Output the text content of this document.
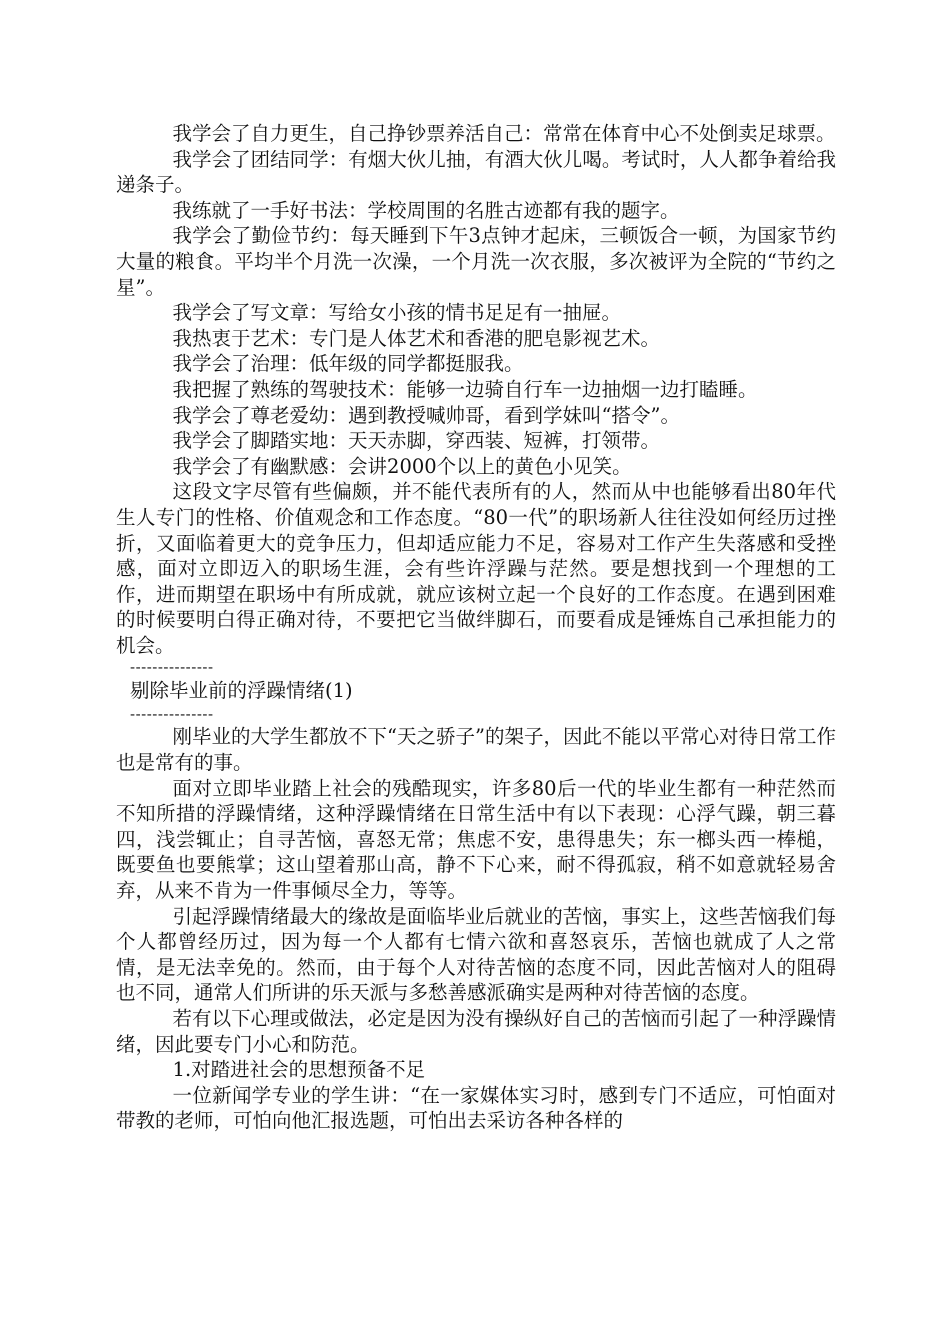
我学会了自力更生，自己挣钞票养活自己：常常在体育中心不处倒卖足球票。

我学会了团结同学：有烟大伙儿抽，有酒大伙儿喝。考试时，人人都争着给我递条子。

我练就了一手好书法：学校周围的名胜古迹都有我的题字。

我学会了勤俭节约：每天睡到下午3点钟才起床，三顿饭合一顿，为国家节约大量的粮食。平均半个月洗一次澡，一个月洗一次衣服，多次被评为全院的“节约之星”。

我学会了写文章：写给女小孩的情书足足有一抽屉。

我热衷于艺术：专门是人体艺术和香港的肥皂影视艺术。

我学会了治理：低年级的同学都挺服我。

我把握了熟练的驾驶技术：能够一边骑自行车一边抽烟一边打瞌睡。

我学会了尊老爱幼：遇到教授喊帅哥，看到学妹叫“搭令”。

我学会了脚踏实地：天天赤脚，穿西装、短裤，打领带。

我学会了有幽默感：会讲2000个以上的黄色小见笑。

这段文字尽管有些偏颇，并不能代表所有的人，然而从中也能够看出80年代生人专门的性格、价值观念和工作态度。“80一代”的职场新人往往没如何经历过挫折，又面临着更大的竞争压力，但却适应能力不足，容易对工作产生失落感和受挫感，面对立即迈入的职场生涯，会有些许浮躁与茫然。要是想找到一个理想的工作，进而期望在职场中有所成就，就应该树立起一个良好的工作态度。在遇到困难的时候要明白得正确对待，不要把它当做绊脚石，而要看成是锤炼自己承担能力的机会。

---------------

剔除毕业前的浮躁情绪(1)

---------------

刚毕业的大学生都放不下“天之骄子”的架子，因此不能以平常心对待日常工作也是常有的事。

面对立即毕业踏上社会的残酷现实，许多80后一代的毕业生都有一种茫然而不知所措的浮躁情绪，这种浮躁情绪在日常生活中有以下表现：心浮气躁，朝三暮四，浅尝辄止；自寻苦恼，喜怒无常；焦虑不安，患得患失；东一榔头西一棒槌，既要鱼也要熊掌；这山望着那山高，静不下心来，耐不得孤寂，稍不如意就轻易舍弃，从来不肯为一件事倾尽全力，等等。

引起浮躁情绪最大的缘故是面临毕业后就业的苦恼，事实上，这些苦恼我们每个人都曾经历过，因为每一个人都有七情六欲和喜怒哀乐，苦恼也就成了人之常情，是无法幸免的。然而，由于每个人对待苦恼的态度不同，因此苦恼对人的阻碍也不同，通常人们所讲的乐天派与多愁善感派确实是两种对待苦恼的态度。

若有以下心理或做法，必定是因为没有操纵好自己的苦恼而引起了一种浮躁情绪，因此要专门小心和防范。

1.对踏进社会的思想预备不足

一位新闻学专业的学生讲：“在一家媒体实习时，感到专门不适应，可怕面对带教的老师，可怕向他汇报选题，可怕出去采访各种各样的
